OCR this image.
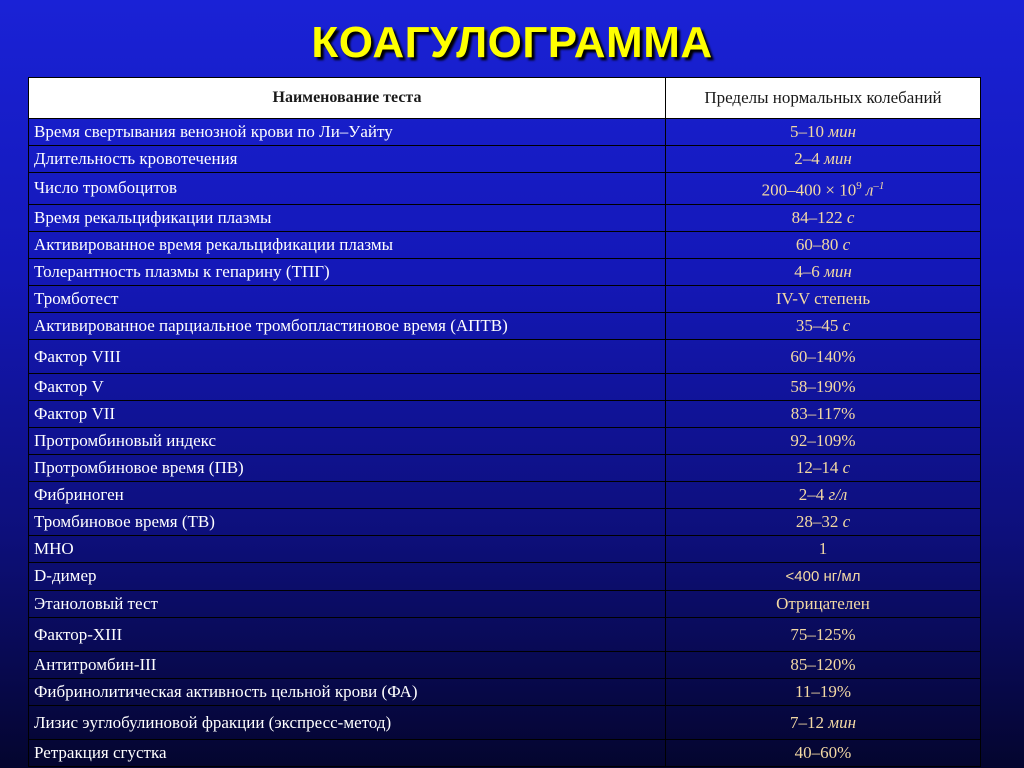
КОАГУЛОГРАММА
Наименование теста	Пределы нормальных колебаний
Время свертывания венозной крови по Ли–Уайту	5–10 мин
Длительность кровотечения	2–4 мин
Число тромбоцитов	$200-400 \times 10^9$ $л^{-1}$
Время рекальцификации плазмы	84–122 с
Активированное время рекальцификации плазмы	60–80 с
Толерантность плазмы к гепарину (ТПГ)	4–6 мин
Тромботест	IV-V степень
Активированное парциальное тромбопластиновое время (АПТВ)	35–45 с
Фактор VIII	60–140%
Фактор V	58–190%
Фактор VII	83–117%
Протромбиновый индекс	92–109%
Протромбиновое время (ПВ)	12–14 с
Фибриноген	2–4 г/л
Тромбиновое время (ТВ)	28–32 с
МНО	1
D-димер	<400 нг/мл
Этаноловый тест	Отрицателен
Фактор-XIII	75–125%
Антитромбин-III	85–120%
Фибринолитическая активность цельной крови (ФА)	11–19%
Лизис эуглобулиновой фракции (экспресс-метод)	7–12 мин
Ретракция сгустка	40–60%
